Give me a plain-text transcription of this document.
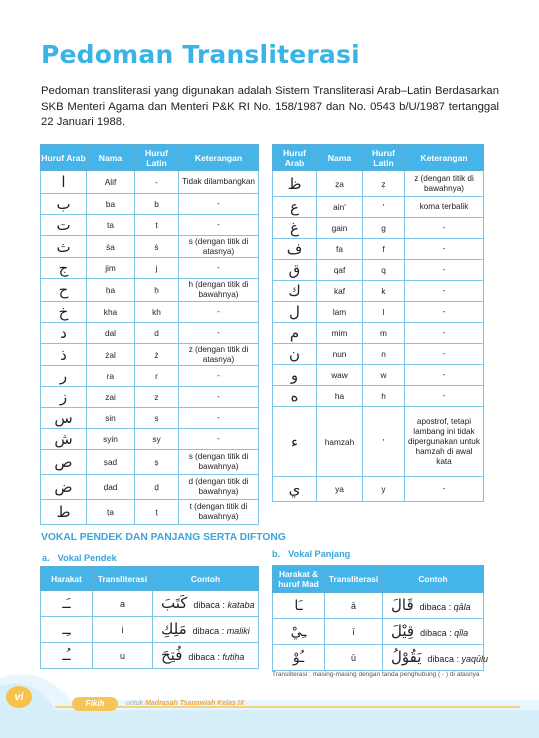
Pedoman Transliterasi
Pedoman transliterasi yang digunakan adalah Sistem Transliterasi Arab–Latin Berdasarkan SKB Menteri Agama dan Menteri P&K RI No. 158/1987 dan No. 0543 b/U/1987 tertanggal 22 Januari 1988.
Huruf Arab	Nama	Huruf Latin	Keterangan
ا	Alif	-	Tidak dilambangkan
ب	ba	b	-
ت	ta	t	-
ث	ṡa	ṡ	s (dengan titik di atasnya)
ج	jim	j	-
ح	ḥa	ḥ	h (dengan titik di bawahnya)
خ	kha	kh	-
د	dal	d	-
ذ	żal	ż	z (dengan titik di atasnya)
ر	ra	r	-
ز	zai	z	-
س	sin	s	-
ش	syin	sy	-
ص	ṣad	ṣ	s (dengan titik di bawahnya)
ض	ḍad	ḍ	d (dengan titik di bawahnya)
ط	ṭa	ṭ	t (dengan titik di bawahnya)
Huruf Arab	Nama	Huruf Latin	Keterangan
ظ	ẓa	ẓ	z (dengan titik di bawahnya)
ع	ain'	'	koma terbalik
غ	gain	g	-
ف	fa	f	-
ق	qaf	q	-
ك	kaf	k	-
ل	lam	l	-
م	mim	m	-
ن	nun	n	-
و	waw	w	-
ه	ha	h	-
ء	hamzah	'	apostrof, tetapi lambang ini tidak dipergunakan untuk hamzah di awal kata
ي	ya	y	-
VOKAL PENDEK DAN PANJANG SERTA DIFTONG
a. Vokal Pendek	b. Vokal Panjang
Harakat	Transliterasi	Contoh
ـَـ	a	كَتَبَ dibaca : kataba
ـِـ	i	مَلِكِ dibaca : maliki
ـُـ	u	فُتِحَ dibaca : futiḥa
Harakat & huruf Mad	Transliterasi	Contoh
ـَا	ā	قَالَ dibaca : qāla
ـِيْ	ī	قِيْلَ dibaca : qīla
ـُوْ	ū	يَقُوْلُ dibaca : yaqūlu
Transliterasi : masing-masing dengan tanda penghubung ( - ) di atasnya
vi
Fikih	untuk Madrasah Tsanawiah Kelas IX
